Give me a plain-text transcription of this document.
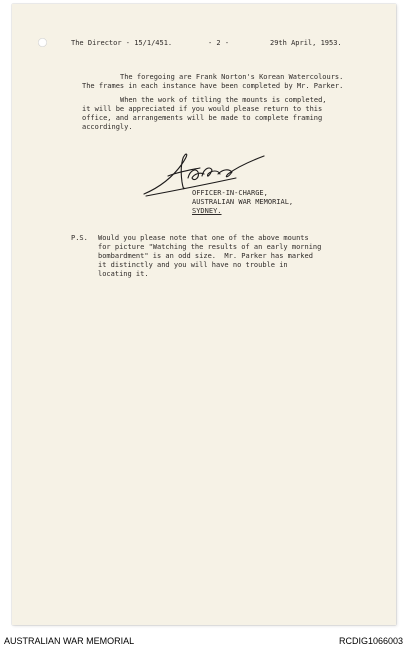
The Director - 15/1/451.	- 2 -	29th April, 1953.
The foregoing are Frank Norton's Korean Watercolours.
The frames in each instance have been completed by Mr. Parker.
When the work of titling the mounts is completed,
it will be appreciated if you would please return to this
office, and arrangements will be made to complete framing
accordingly.
OFFICER-IN-CHARGE,
AUSTRALIAN WAR MEMORIAL,
SYDNEY.
P.S. Would you please note that one of the above mounts
for picture "Watching the results of an early morning
bombardment" is an odd size.  Mr. Parker has marked
it distinctly and you will have no trouble in
locating it.
AUSTRALIAN WAR MEMORIAL	RCDIG1066003
